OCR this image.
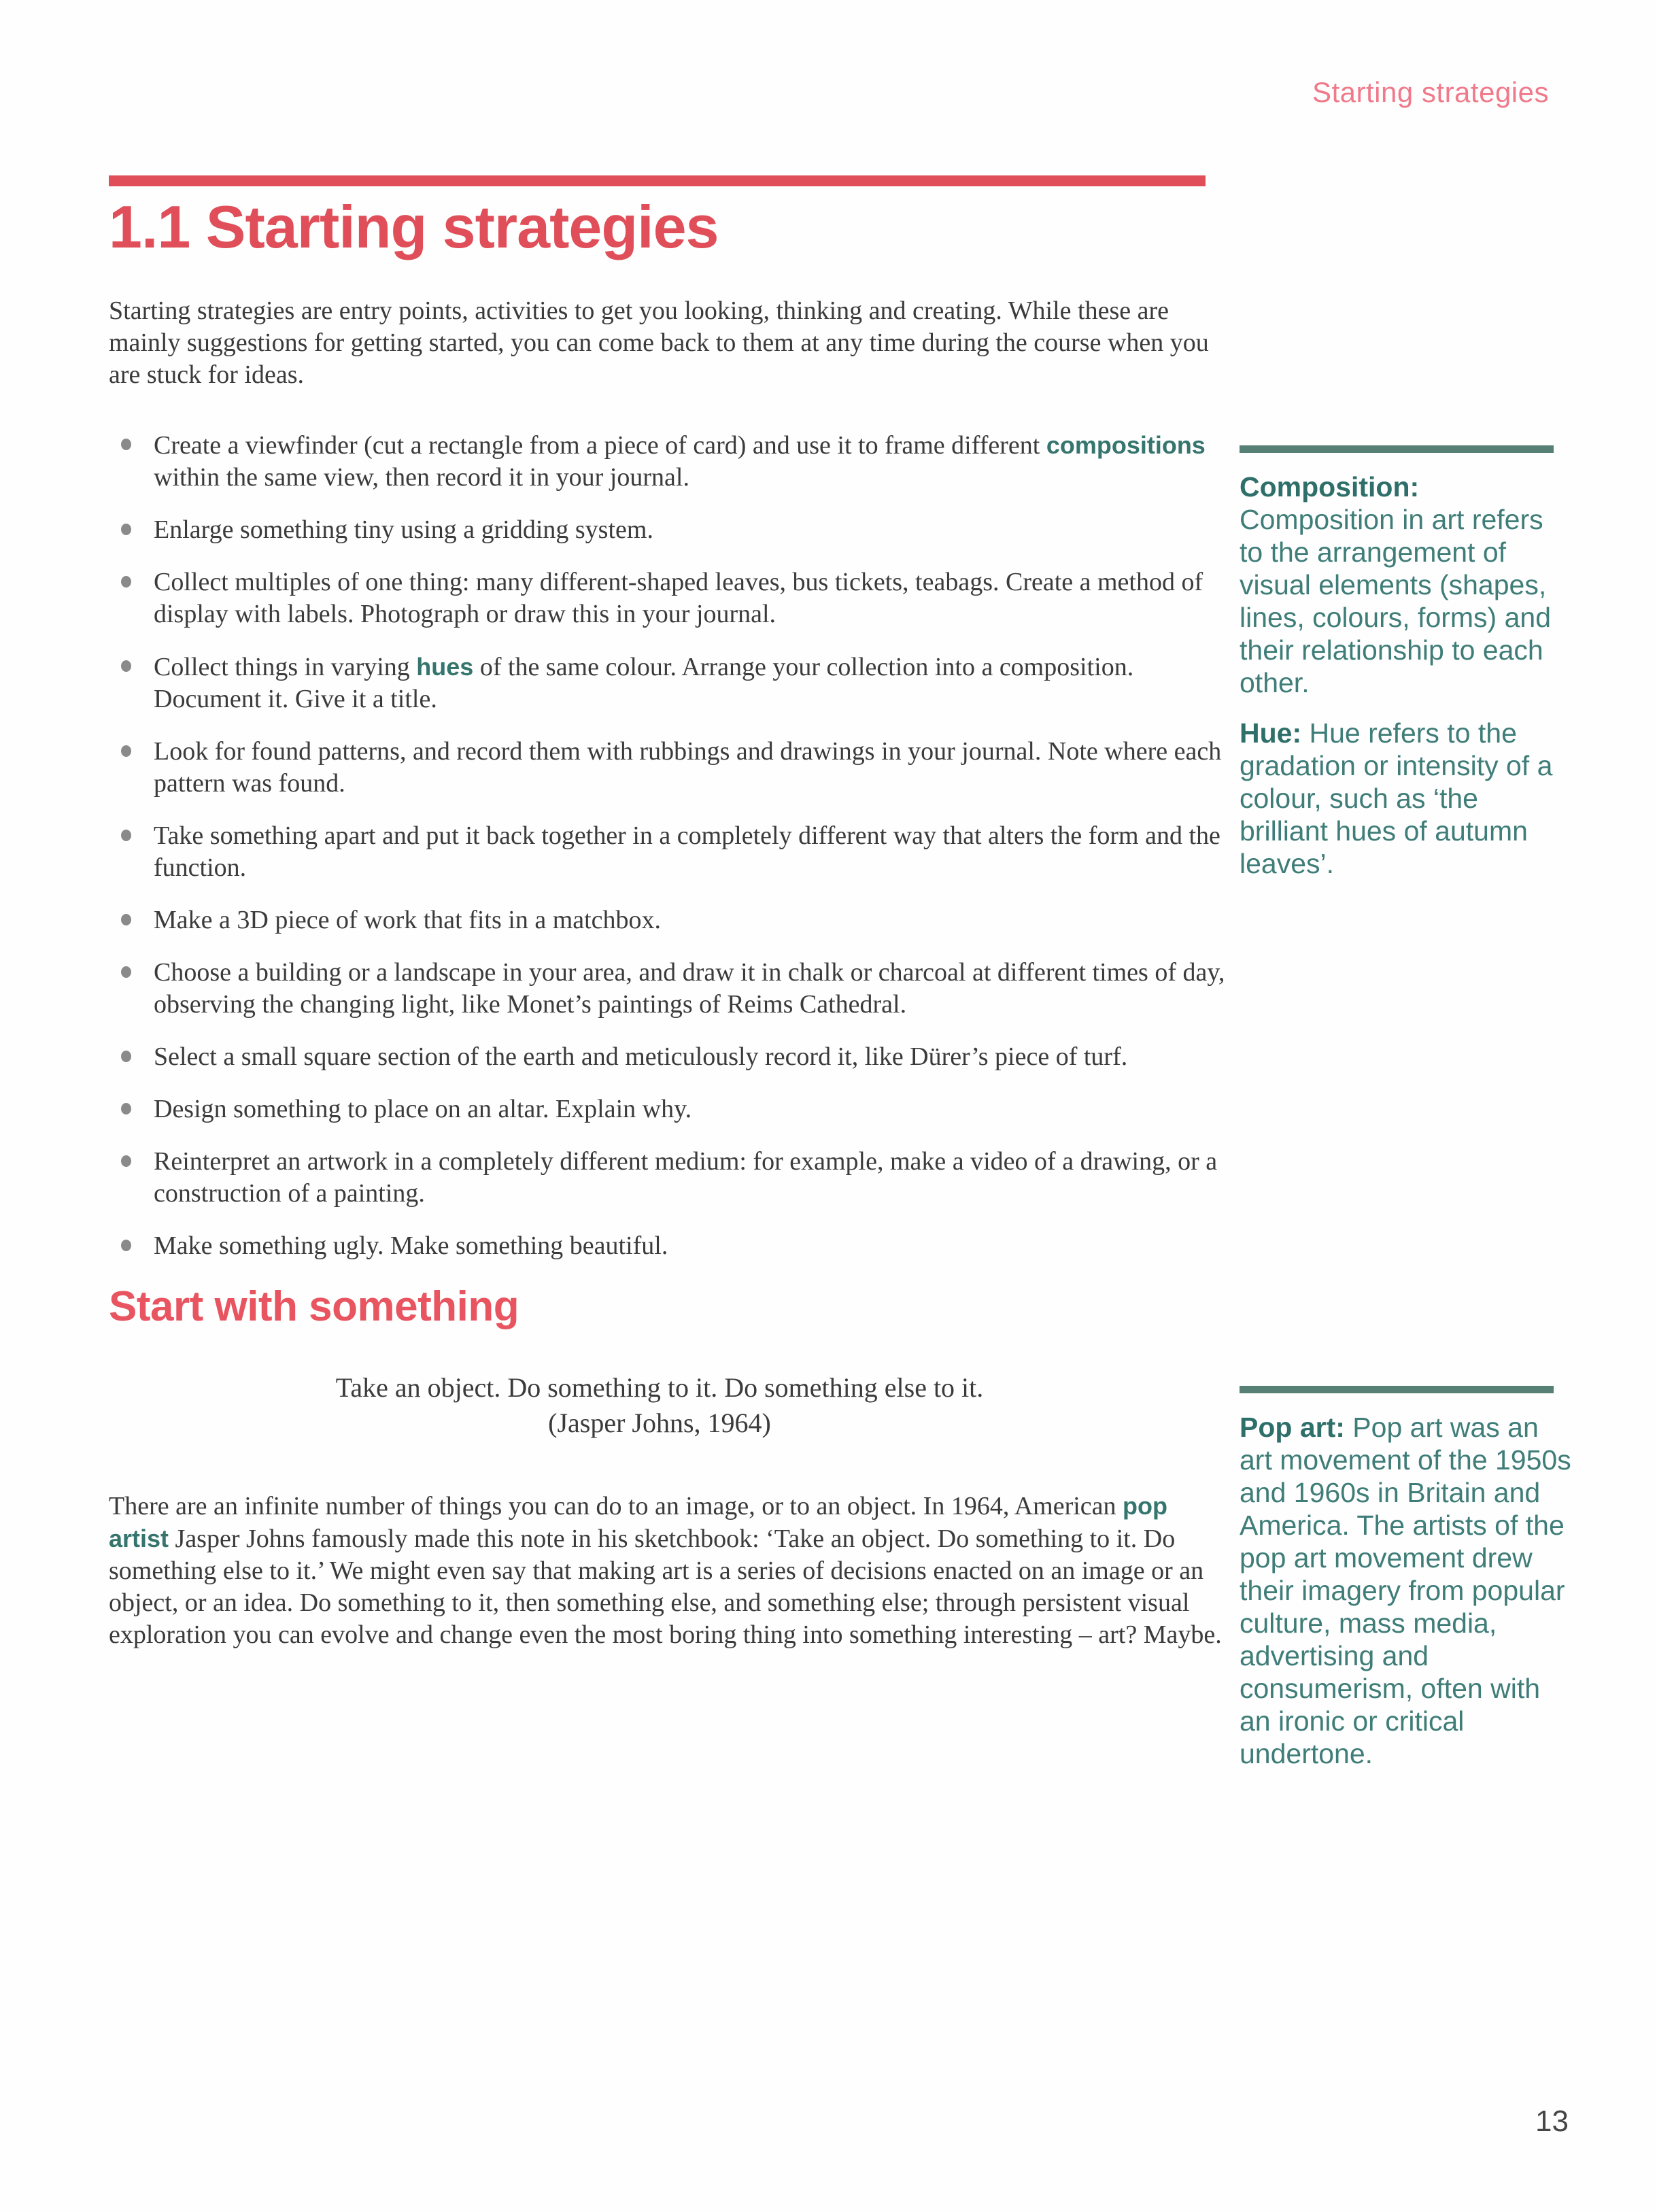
Starting strategies
1.1 Starting strategies

Starting strategies are entry points, activities to get you looking, thinking and creating. While these are mainly suggestions for getting started, you can come back to them at any time during the course when you are stuck for ideas.

Create a viewfinder (cut a rectangle from a piece of card) and use it to frame different compositions within the same view, then record it in your journal.
Enlarge something tiny using a gridding system.
Collect multiples of one thing: many different-shaped leaves, bus tickets, teabags. Create a method of display with labels. Photograph or draw this in your journal.
Collect things in varying hues of the same colour. Arrange your collection into a composition. Document it. Give it a title.
Look for found patterns, and record them with rubbings and drawings in your journal. Note where each pattern was found.
Take something apart and put it back together in a completely different way that alters the form and the function.
Make a 3D piece of work that fits in a matchbox.
Choose a building or a landscape in your area, and draw it in chalk or charcoal at different times of day, observing the changing light, like Monet’s paintings of Reims Cathedral.
Select a small square section of the earth and meticulously record it, like Dürer’s piece of turf.
Design something to place on an altar. Explain why.
Reinterpret an artwork in a completely different medium: for example, make a video of a drawing, or a construction of a painting.
Make something ugly. Make something beautiful.
Start with something
Take an object. Do something to it. Do something else to it.
(Jasper Johns, 1964)

There are an infinite number of things you can do to an image, or to an object. In 1964, American pop artist Jasper Johns famously made this note in his sketchbook: ‘Take an object. Do something to it. Do something else to it.’ We might even say that making art is a series of decisions enacted on an image or an object, or an idea. Do something to it, then something else, and something else; through persistent visual exploration you can evolve and change even the most boring thing into something interesting – art? Maybe.

Composition: Composition in art refers to the arrangement of visual elements (shapes, lines, colours, forms) and their relationship to each other.

Hue: Hue refers to the gradation or intensity of a colour, such as ‘the brilliant hues of autumn leaves’.

Pop art: Pop art was an art movement of the 1950s and 1960s in Britain and America. The artists of the pop art movement drew their imagery from popular culture, mass media, advertising and consumerism, often with an ironic or critical undertone.

13
